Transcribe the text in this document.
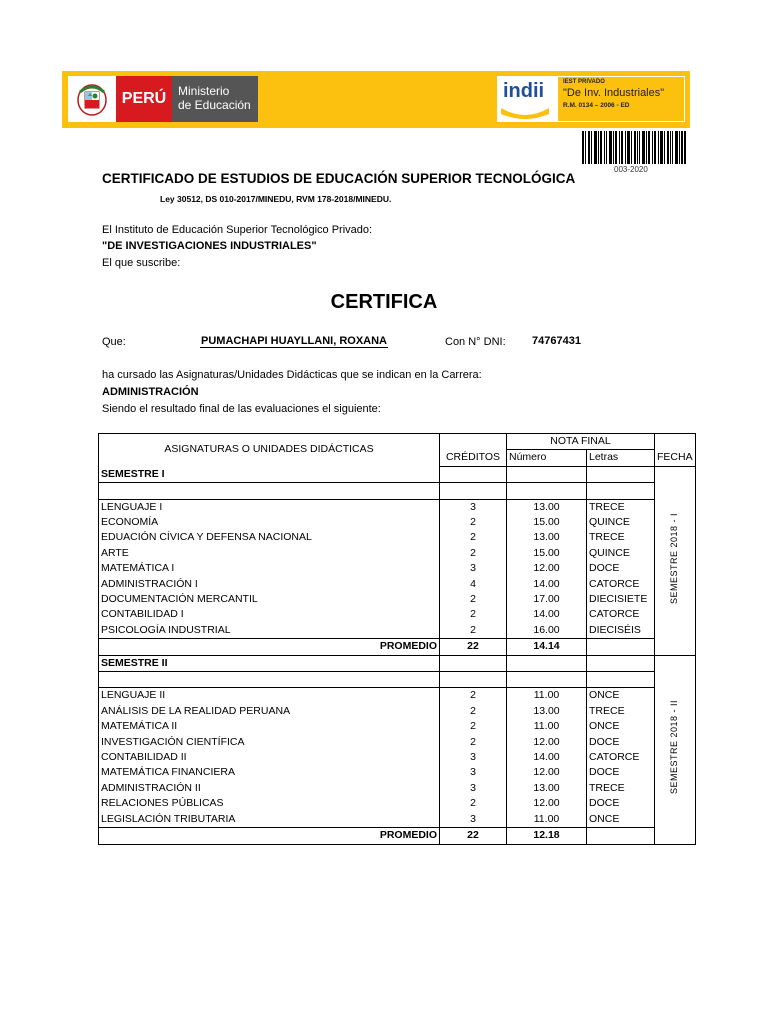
PERÚ Ministerio
de Educación
indii	IEST PRIVADO
"De Inv. Industriales"
R.M. 0134 – 2006 - ED
003-2020
CERTIFICADO DE ESTUDIOS DE EDUCACIÓN SUPERIOR TECNOLÓGICA
Ley 30512, DS 010-2017/MINEDU, RVM 178-2018/MINEDU.
El Instituto de Educación Superior Tecnológico Privado:
"DE INVESTIGACIONES INDUSTRIALES"
El que suscribe:
CERTIFICA
Que:	PUMACHAPI HUAYLLANI, ROXANA	Con N° DNI: 74767431
ha cursado las Asignaturas/Unidades Didácticas que se indican en la Carrera:
ADMINISTRACIÓN
Siendo el resultado final de las evaluaciones el siguiente:
ASIGNATURAS O UNIDADES DIDÁCTICAS		NOTA FINAL		
	CRÉDITOS	Número	Letras	FECHA
SEMESTRE I				SEMESTRE 2018 - I

LENGUAJE I	3	13.00	TRECE	
ECONOMÍA	2	15.00	QUINCE	
EDUACIÓN CÍVICA Y DEFENSA NACIONAL	2	13.00	TRECE	
ARTE	2	15.00	QUINCE	
MATEMÁTICA I	3	12.00	DOCE	
ADMINISTRACIÓN I	4	14.00	CATORCE	
DOCUMENTACIÓN MERCANTIL	2	17.00	DIECISIETE	
CONTABILIDAD I	2	14.00	CATORCE	
PSICOLOGÍA INDUSTRIAL	2	16.00	DIECISÉIS	
PROMEDIO	22	14.14		
SEMESTRE II				SEMESTRE 2018 - II

LENGUAJE II	2	11.00	ONCE	
ANÁLISIS DE LA REALIDAD PERUANA	2	13.00	TRECE	
MATEMÁTICA II	2	11.00	ONCE	
INVESTIGACIÓN CIENTÍFICA	2	12.00	DOCE	
CONTABILIDAD II	3	14.00	CATORCE	
MATEMÁTICA FINANCIERA	3	12.00	DOCE	
ADMINISTRACIÓN II	3	13.00	TRECE	
RELACIONES PÚBLICAS	2	12.00	DOCE	
LEGISLACIÓN TRIBUTARIA	3	11.00	ONCE	
PROMEDIO	22	12.18		
